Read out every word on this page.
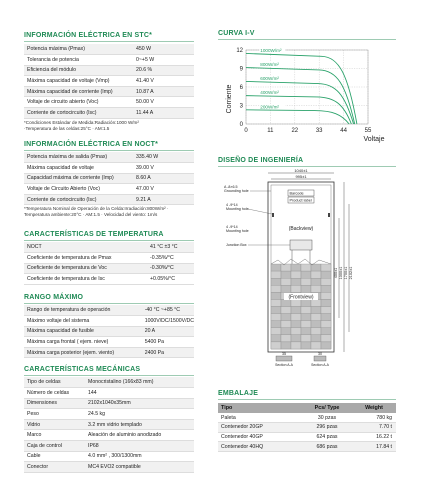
INFORMACIÓN ELÉCTRICA EN STC*
Potencia máxima (Pmax)	450 W
Tolerancia de potencia	0~+5 W
Eficiencia del módulo	20.6 %
Máxima capacidad de voltaje (Vmp)	41.40 V
Máxima capacidad de corriente (Imp)	10.87 A
Voltaje de circuito abierto (Voc)	50.00 V
Corriente de cortocircuito (Isc)	11.44 A
*Condiciones Estándar de Medida:Radiación:1000 W/m²
·Temperatura de las celdas:25°C · AM:1.5
INFORMACIÓN ELÉCTRICA EN NOCT*
Potencia máxima de salida (Pmax)	335.40 W
Máxima capacidad de voltaje	39.00 V
Capacidad máxima de corriente (Imp)	8.60 A
Voltaje de Circuito Abierto (Voc)	47.00 V
Corriente de cortocircuito (Isc)	9.21 A
*Temperatura Nominal de Operación de la Celda:Irradiación:800W/m² ·
Temperatura ambiente:20°C · AM:1.5 · Velocidad del viento: 1m/s
CARACTERÍSTICAS DE TEMPERATURA
NOCT	41 °C ±3 °C
Coeficiente de temperatura de Pmax	-0.35%/°C
Coeficiente de temperatura de Voc	-0.30%/°C
Coeficiente de temperatura de Isc	+0.05%/°C
RANGO MÁXIMO
Rango de temperatura de operación	-40 °C ~+85 °C
Máximo voltaje del sistema	1000V/DC/1500V/DC
Máxima capacidad de fusible	20 A
Máxima carga frontal ( ejem. nieve)	5400 Pa
Máxima carga posterior (ejem. viento)	2400 Pa
CARACTERÍSTICAS MECÁNICAS
Tipo de celdas	Monocristalino (166x83 mm)
Número de celdas	144
Dimensiones	2102x1040x35mm
Peso	24.5 kg
Vidrio	3.2 mm vidrio templado
Marco	Aleación de aluminio anodizado
Caja de control	IP68
Cable	4.0 mm² , 300/1300mm
Conector	MC4 EVO2 compatible
CURVA I-V
1000W/m²
800W/m²
600W/m²
400W/m²
200W/m²
12
9
6
3
0
0	11	22	33	44	55
Corriente
Voltaje
DISEÑO DE INGENIERÍA
1040±1
995±1
Barcode
Product label
A -8×6.5
Grounding hole
4 -9*14
Mounting hole
4 -9*14
Mounting hole
Junction Box
(Backview)
(Frontview)
400±1 1000±1 1700±1 2102±1
35	30
Section A-A	Section A-A
EMBALAJE
Tipo	Pcs/ Type	Weight
Paleta	30 pzas	780 kg
Contenedor 20GP	296 pzas	7.70 t
Contenedor 40GP	624 pzas	16.22 t
Contenedor 40HQ	686 pzas	17.84 t
